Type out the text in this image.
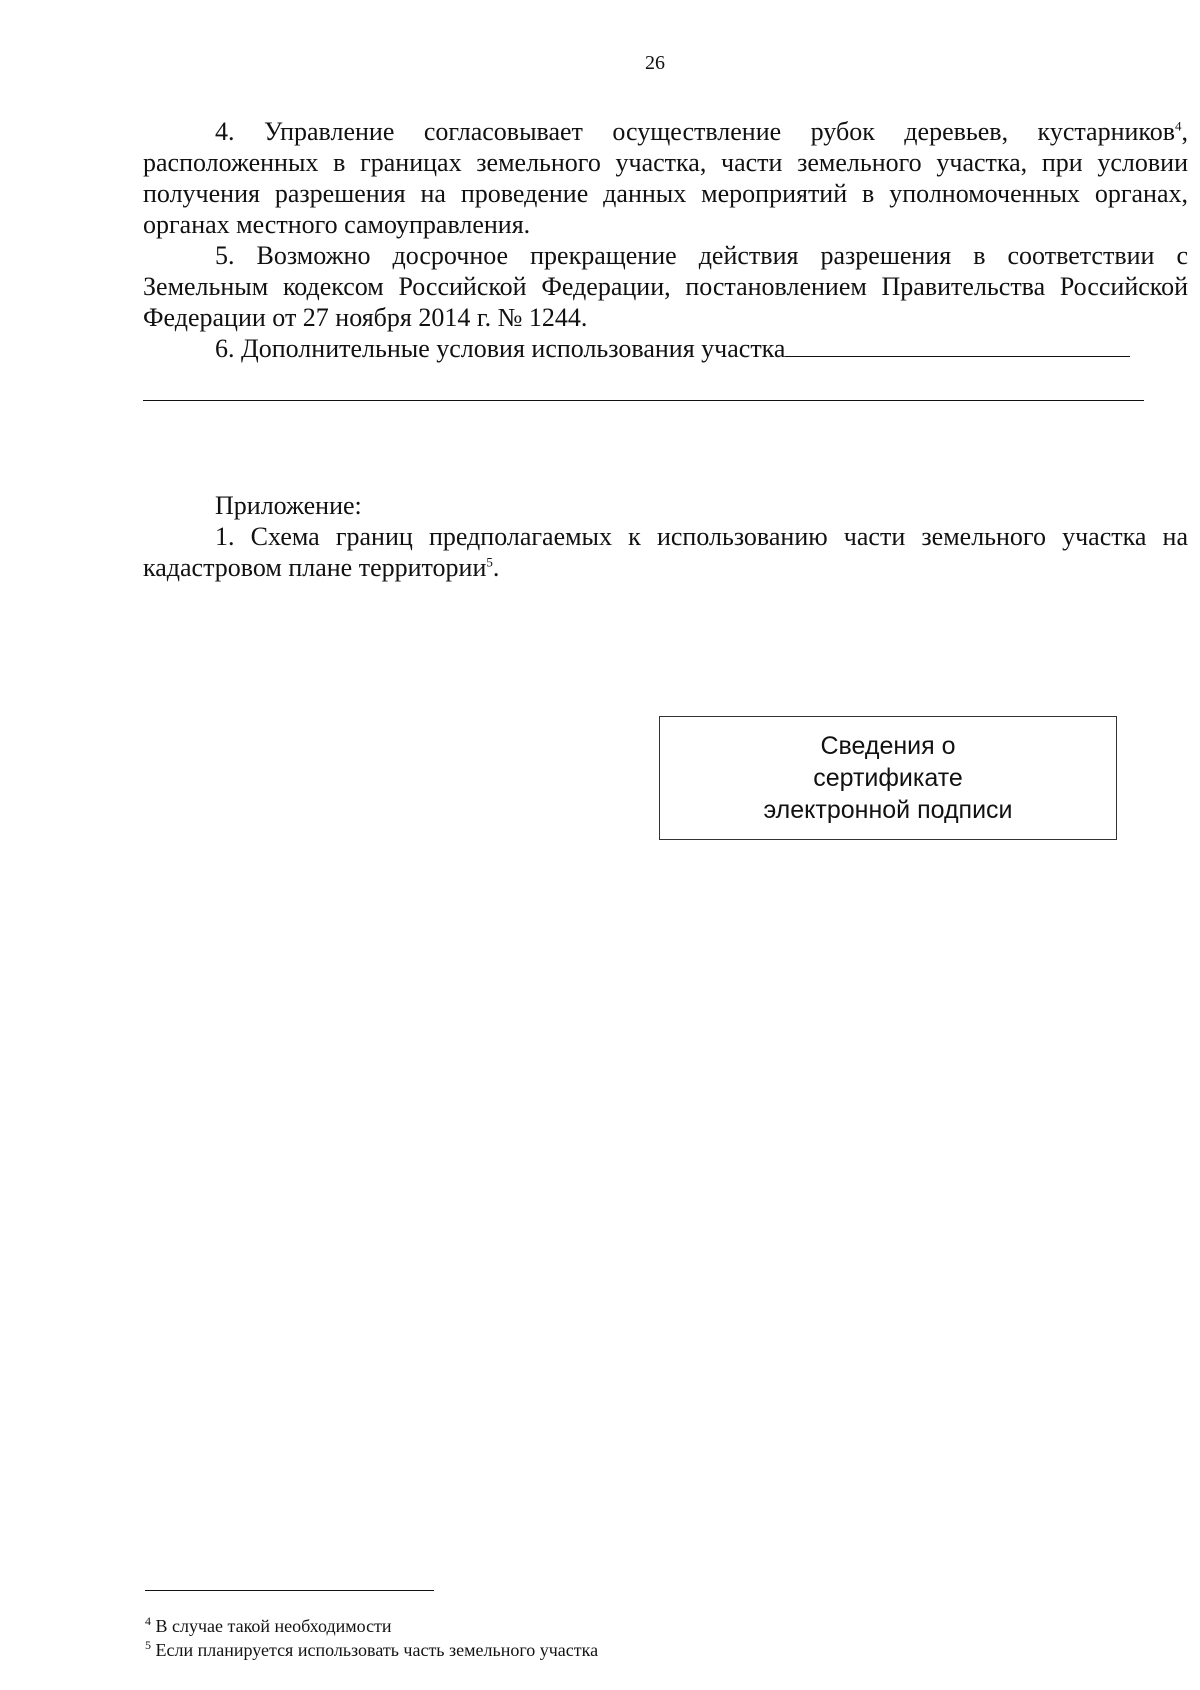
26

4. Управление согласовывает осуществление рубок деревьев, кустарников$^4$, расположенных в границах земельного участка, части земельного участка, при условии получения разрешения на проведение данных мероприятий в уполномоченных органах, органах местного самоуправления.

5. Возможно досрочное прекращение действия разрешения в соответствии с Земельным кодексом Российской Федерации, постановлением Правительства Российской Федерации от 27 ноября 2014 г. № 1244.

6. Дополнительные условия использования участка

Приложение:

1. Схема границ предполагаемых к использованию части земельного участка на кадастровом плане территории$^5$.

Сведения о
сертификате
электронной подписи

$^4$ В случае такой необходимости

$^5$ Если планируется использовать часть земельного участка
